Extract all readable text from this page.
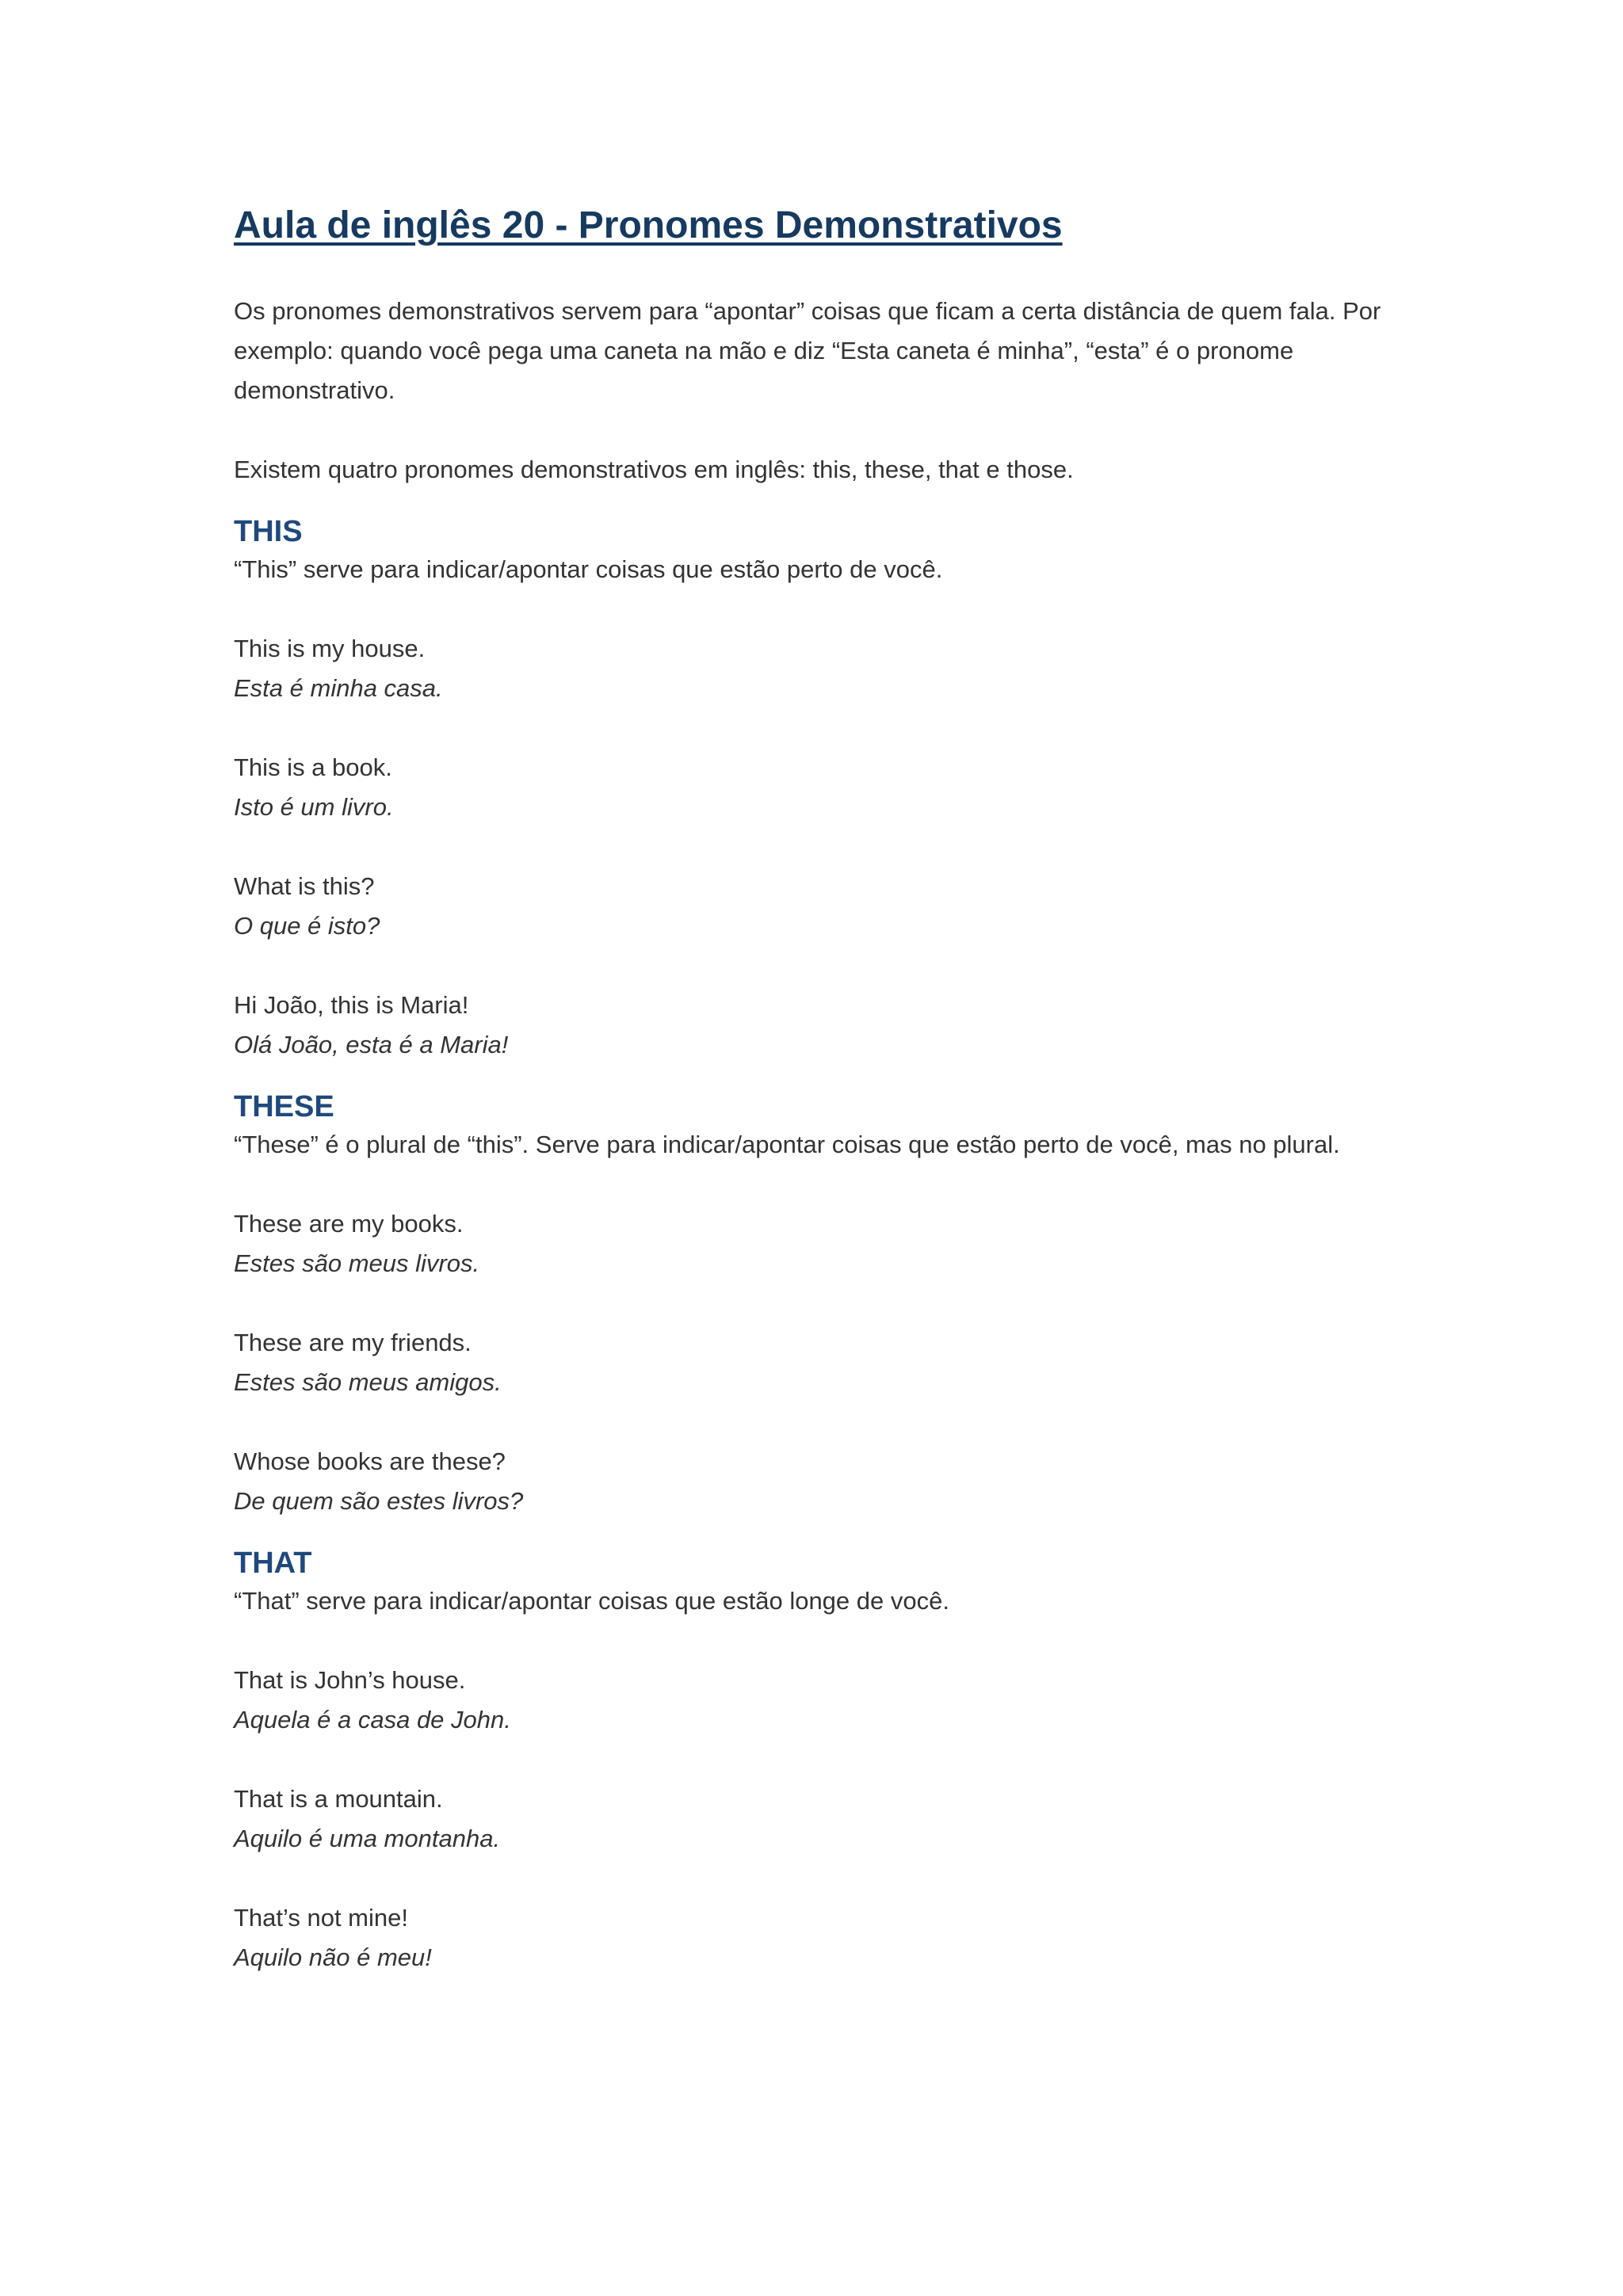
Aula de inglês 20 - Pronomes Demonstrativos

Os pronomes demonstrativos servem para “apontar” coisas que ficam a certa distância de quem fala. Por exemplo: quando você pega uma caneta na mão e diz “Esta caneta é minha”, “esta” é o pronome demonstrativo.

Existem quatro pronomes demonstrativos em inglês: this, these, that e those.

THIS

“This” serve para indicar/apontar coisas que estão perto de você.

This is my house.
Esta é minha casa.
This is a book.
Isto é um livro.
What is this?
O que é isto?
Hi João, this is Maria!
Olá João, esta é a Maria!
THESE

“These” é o plural de “this”. Serve para indicar/apontar coisas que estão perto de você, mas no plural.

These are my books.
Estes são meus livros.
These are my friends.
Estes são meus amigos.
Whose books are these?
De quem são estes livros?
THAT

“That” serve para indicar/apontar coisas que estão longe de você.

That is John’s house.
Aquela é a casa de John.
That is a mountain.
Aquilo é uma montanha.
That’s not mine!
Aquilo não é meu!
